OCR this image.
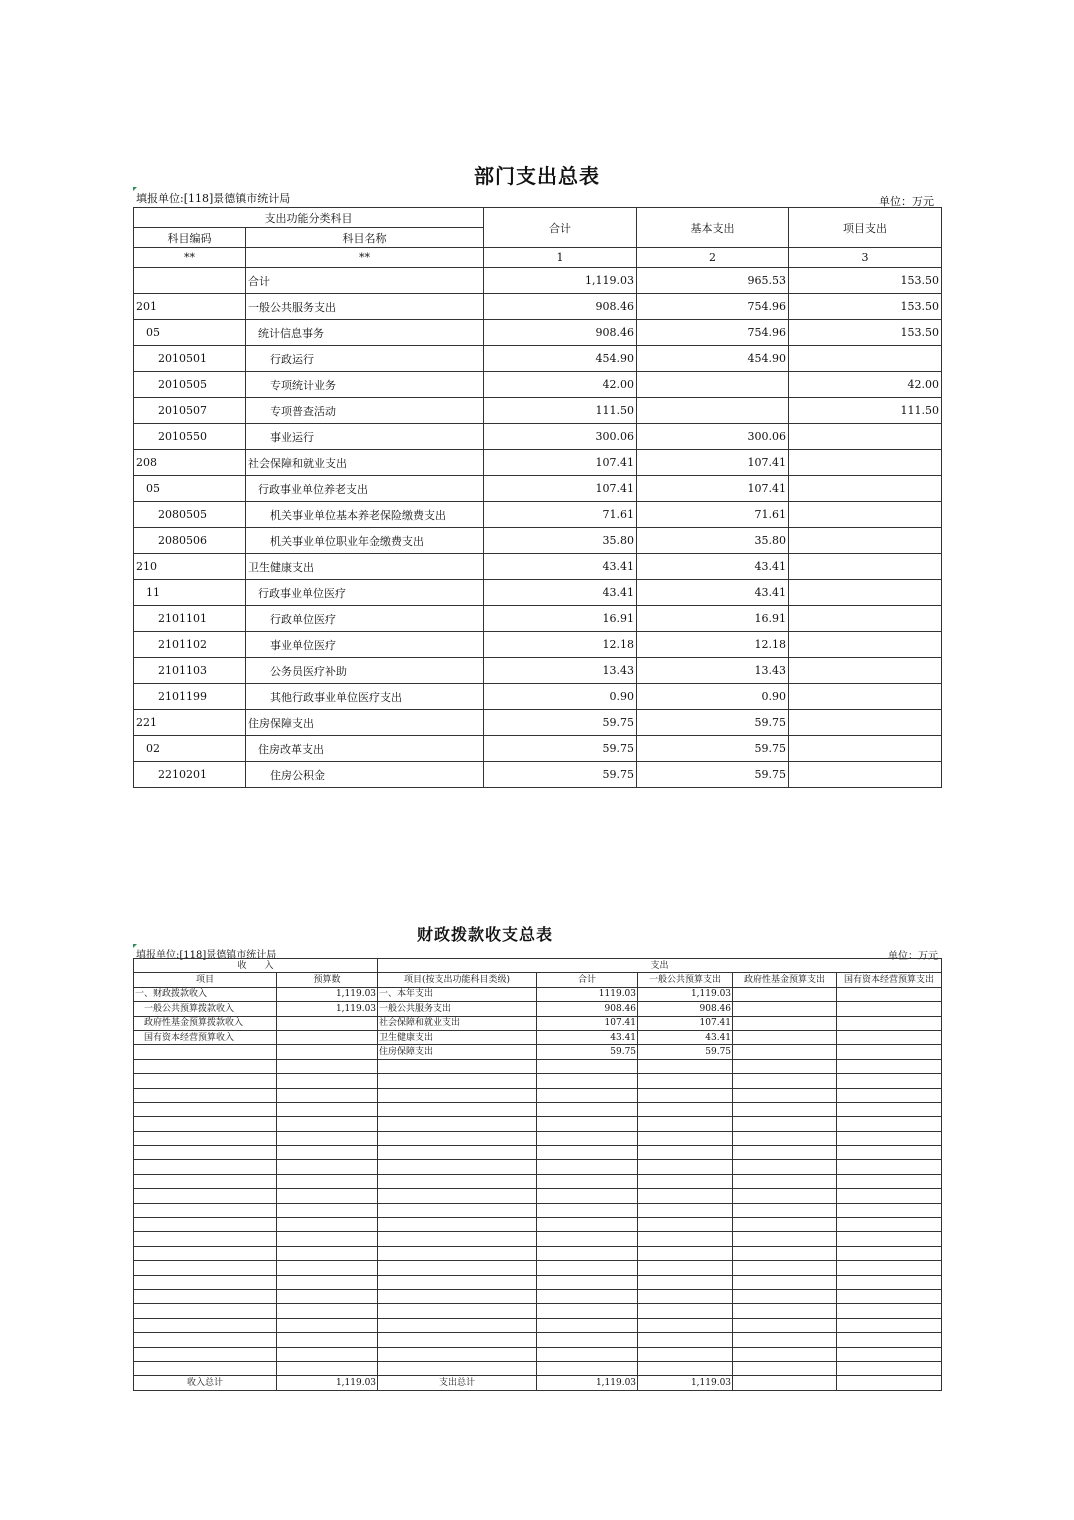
部门支出总表
填报单位:[118]景德镇市统计局	单位：万元
支出功能分类科目		合计	基本支出	项目支出
科目编码	科目名称			
**	**	1	2	3
	合计	1,119.03	965.53	153.50
201	一般公共服务支出	908.46	754.96	153.50
05	统计信息事务	908.46	754.96	153.50
2010501	行政运行	454.90	454.90	
2010505	专项统计业务	42.00		42.00
2010507	专项普查活动	111.50		111.50
2010550	事业运行	300.06	300.06	
208	社会保障和就业支出	107.41	107.41	
05	行政事业单位养老支出	107.41	107.41	
2080505	机关事业单位基本养老保险缴费支出	71.61	71.61	
2080506	机关事业单位职业年金缴费支出	35.80	35.80	
210	卫生健康支出	43.41	43.41	
11	行政事业单位医疗	43.41	43.41	
2101101	行政单位医疗	16.91	16.91	
2101102	事业单位医疗	12.18	12.18	
2101103	公务员医疗补助	13.43	13.43	
2101199	其他行政事业单位医疗支出	0.90	0.90	
221	住房保障支出	59.75	59.75	
02	住房改革支出	59.75	59.75	
2210201	住房公积金	59.75	59.75	
财政拨款收支总表
填报单位:[118]景德镇市统计局	单位：万元
收　　入		支出				
项目	预算数	项目(按支出功能科目类级)	合计	一般公共预算支出	政府性基金预算支出	国有资本经营预算支出
一、财政拨款收入	1,119.03	一、本年支出	1119.03	1,119.03		
　一般公共预算拨款收入	1,119.03	一般公共服务支出	908.46	908.46		
　政府性基金预算拨款收入		社会保障和就业支出	107.41	107.41		
　国有资本经营预算收入		卫生健康支出	43.41	43.41		
		住房保障支出	59.75	59.75		

收入总计	1,119.03	支出总计	1,119.03	1,119.03		
